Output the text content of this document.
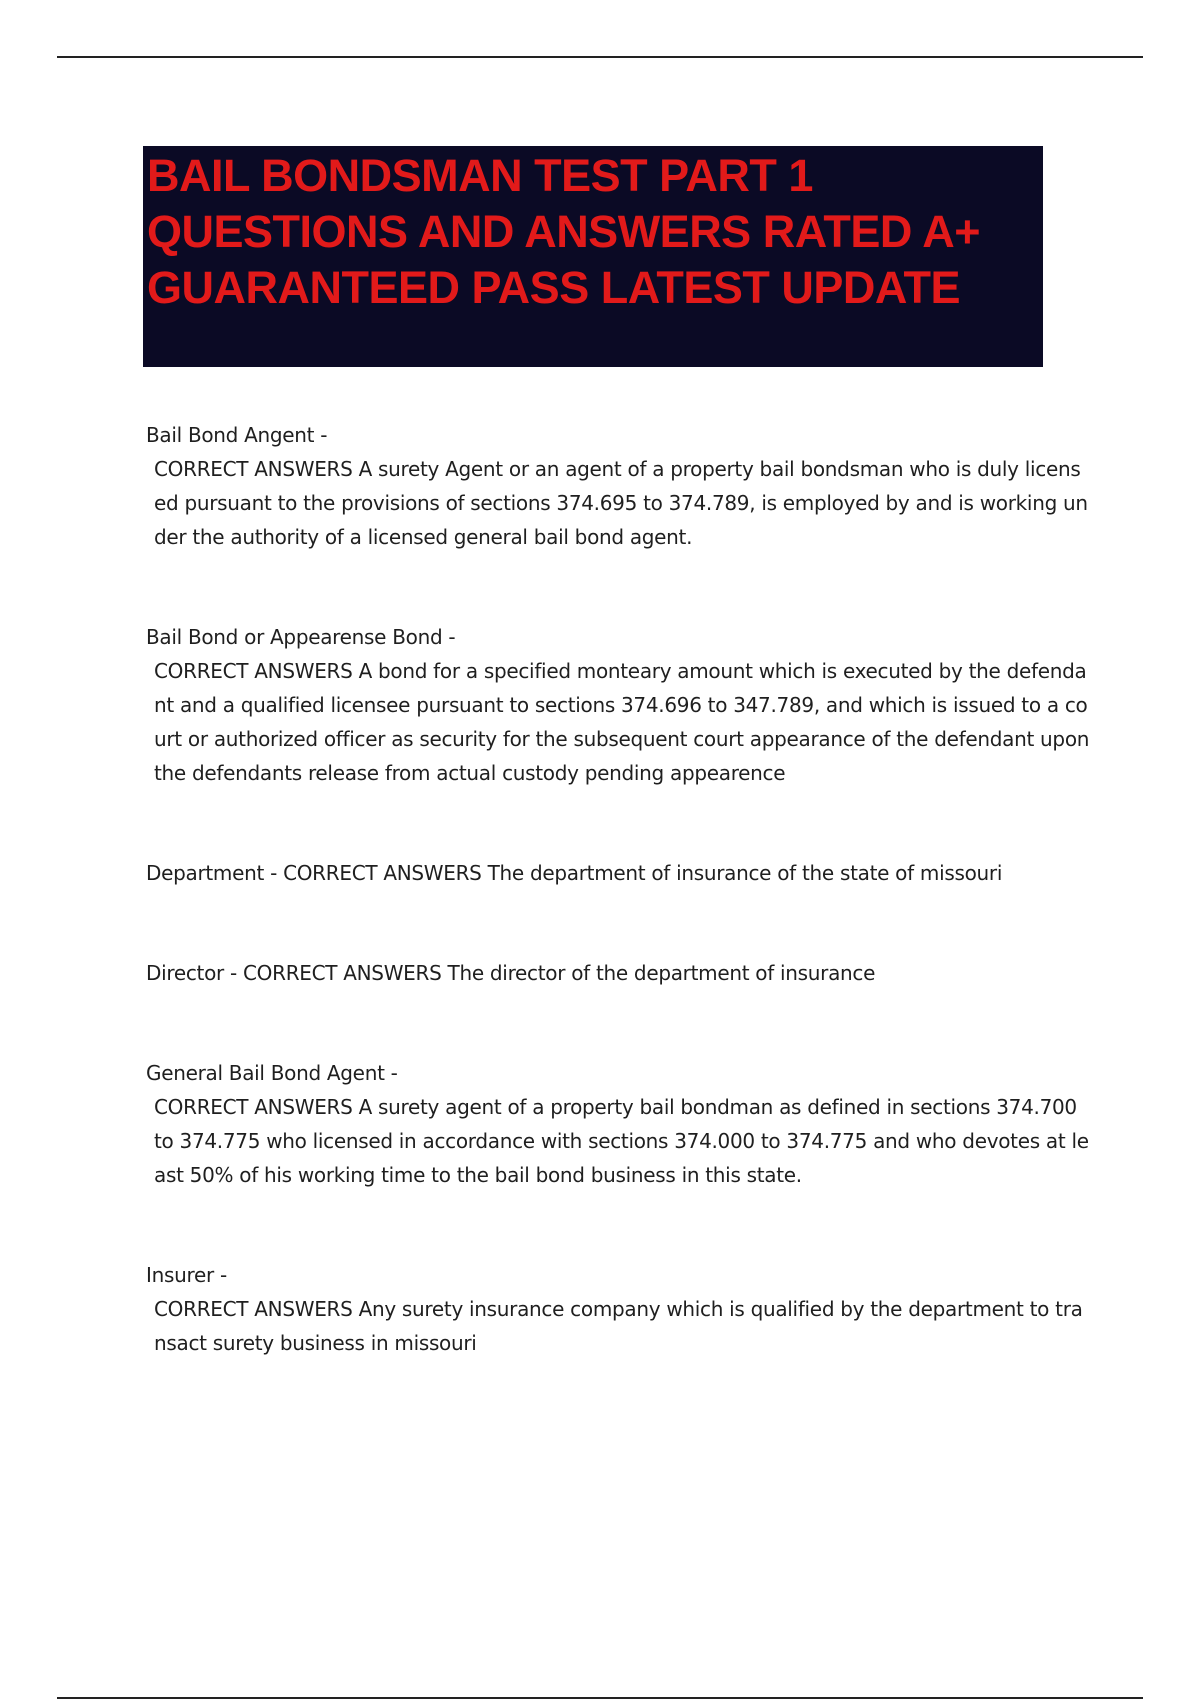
BAIL BONDSMAN TEST PART 1 QUESTIONS AND ANSWERS RATED A+ GUARANTEED PASS LATEST UPDATE

Bail Bond Angent -
CORRECT ANSWERS A surety Agent or an agent of a property bail bondsman who is duly licensed pursuant to the provisions of sections 374.695 to 374.789, is employed by and is working under the authority of a licensed general bail bond agent.

Bail Bond or Appearense Bond -
CORRECT ANSWERS A bond for a specified monteary amount which is executed by the defendant and a qualified licensee pursuant to sections 374.696 to 347.789, and which is issued to a court or authorized officer as security for the subsequent court appearance of the defendant upon the defendants release from actual custody pending appearence

Department - CORRECT ANSWERS The department of insurance of the state of missouri

Director - CORRECT ANSWERS The director of the department of insurance

General Bail Bond Agent -
CORRECT ANSWERS A surety agent of a property bail bondman as defined in sections 374.700 to 374.775 who licensed in accordance with sections 374.000 to 374.775 and who devotes at least 50% of his working time to the bail bond business in this state.

Insurer -
CORRECT ANSWERS Any surety insurance company which is qualified by the department to transact surety business in missouri
